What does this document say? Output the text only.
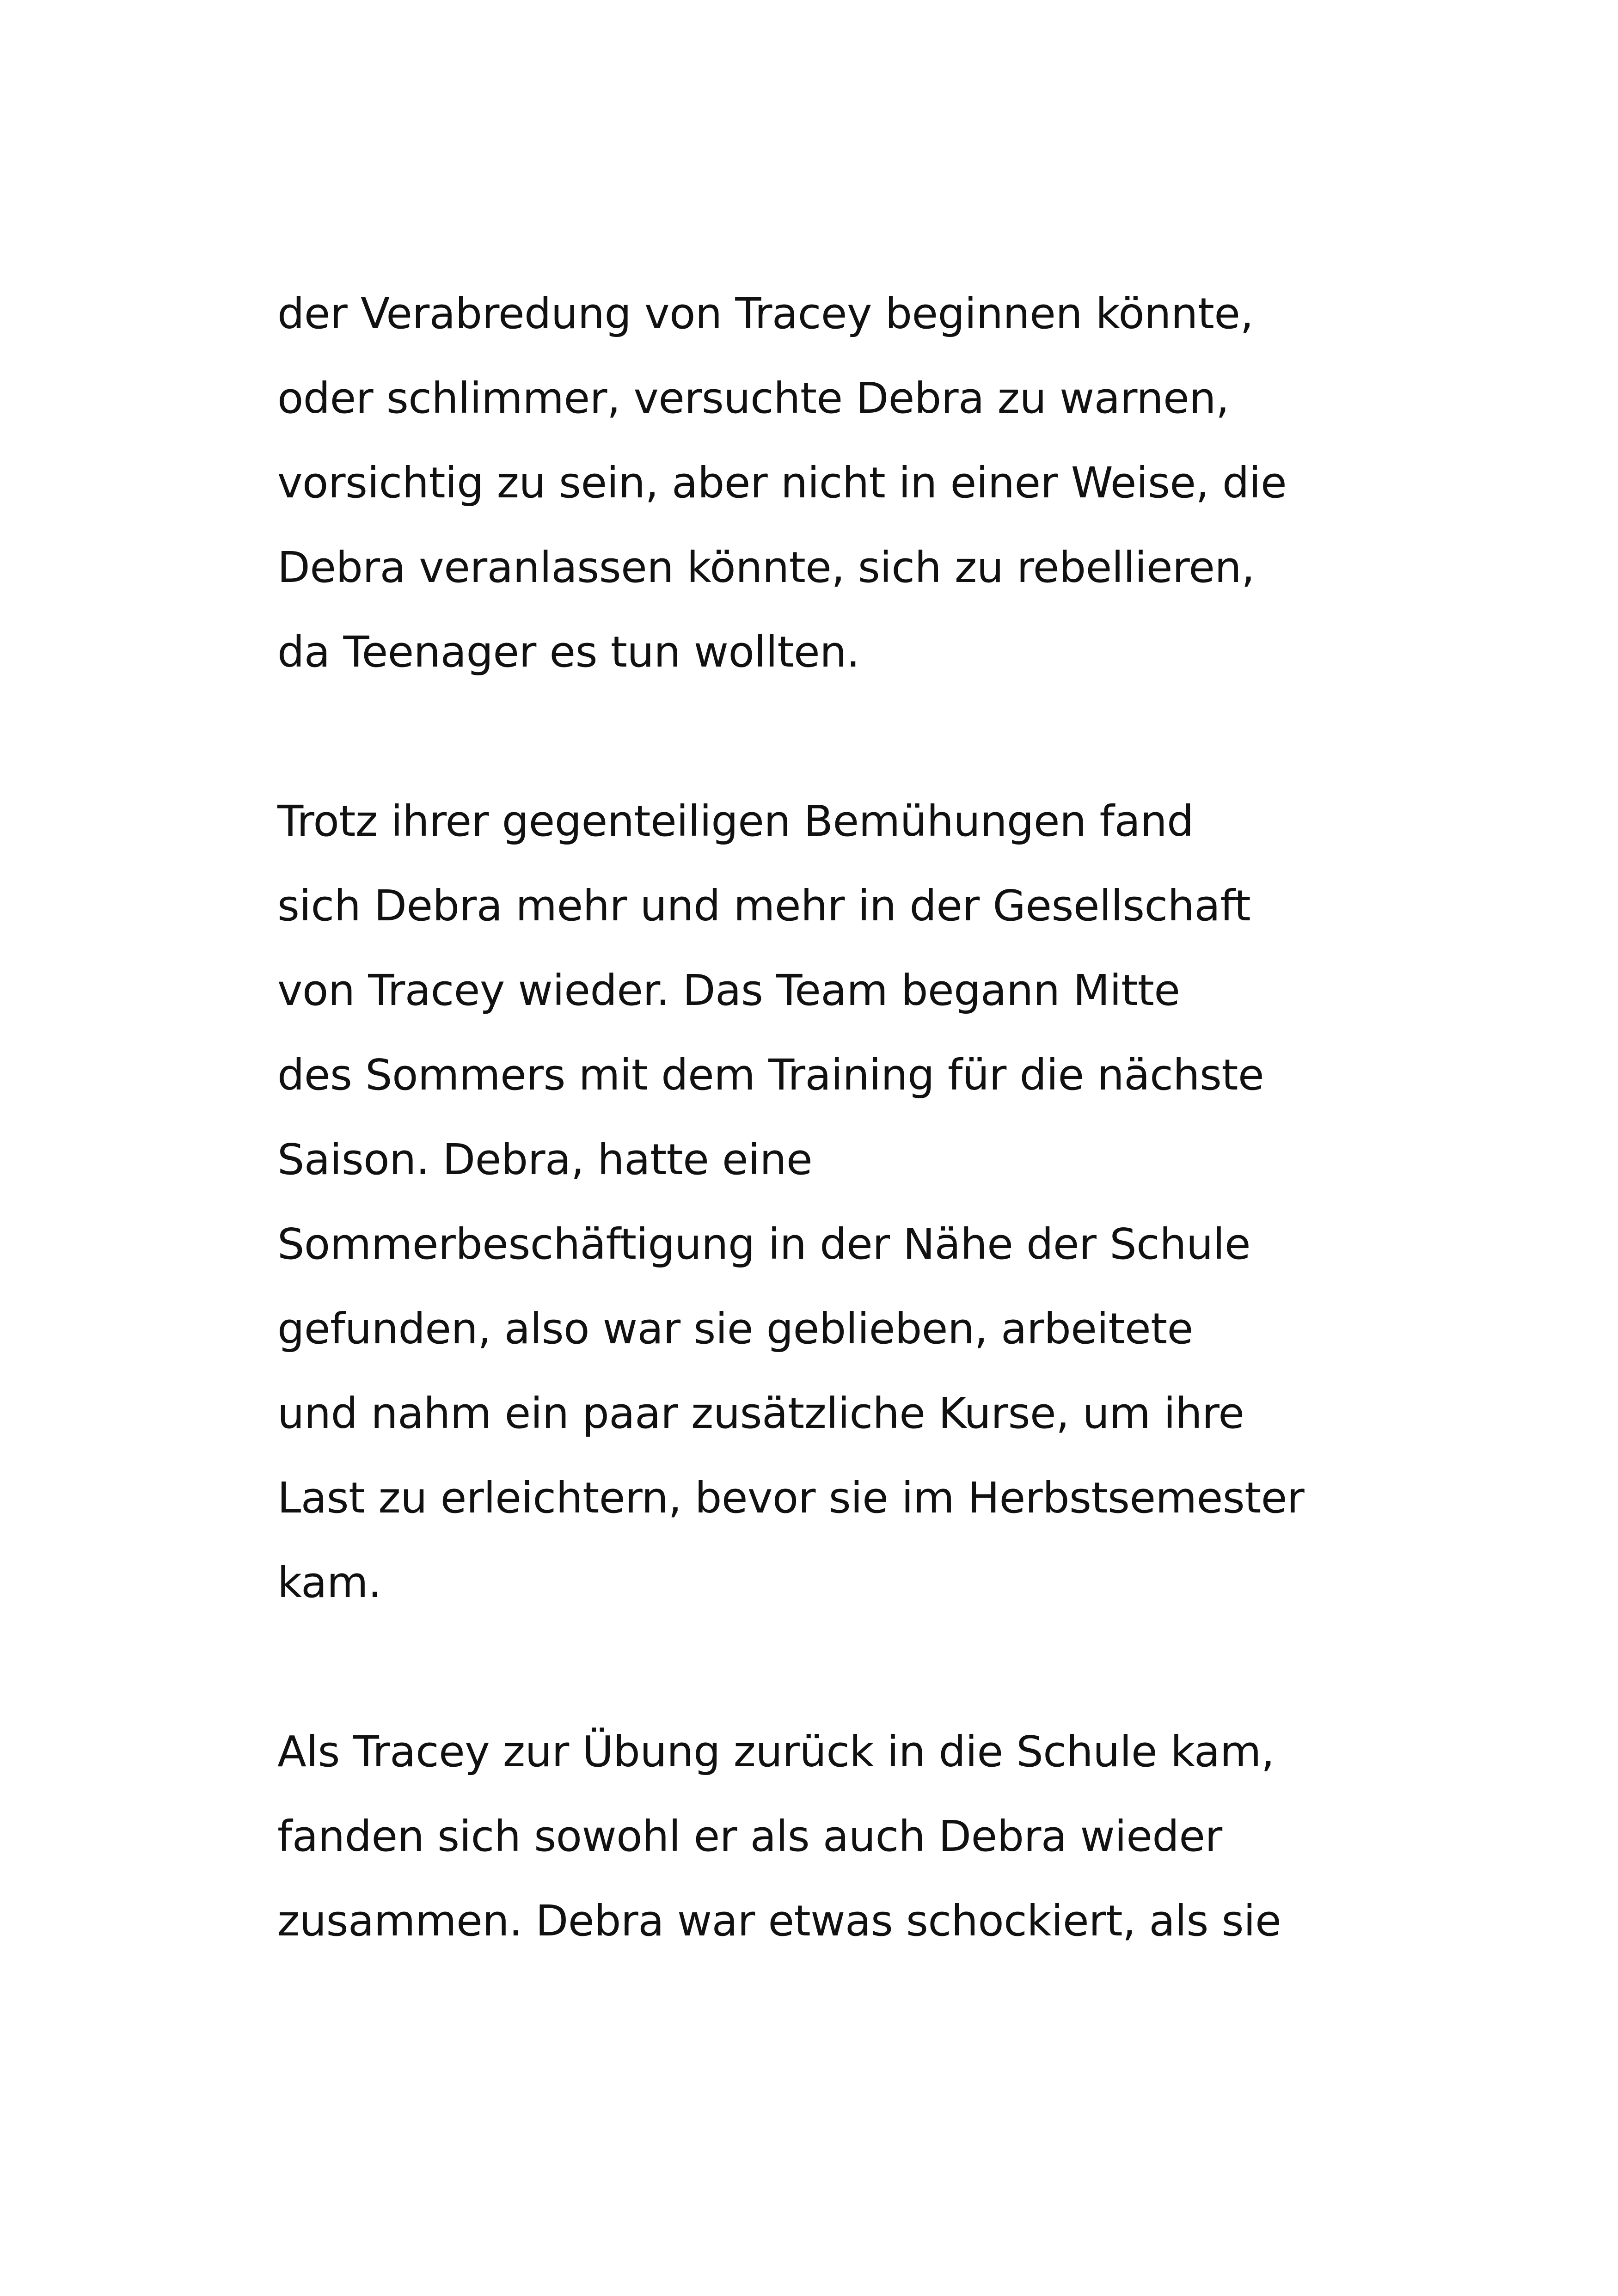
der Verabredung von Tracey beginnen könnte,
oder schlimmer, versuchte Debra zu warnen,
vorsichtig zu sein, aber nicht in einer Weise, die
Debra veranlassen könnte, sich zu rebellieren,
da Teenager es tun wollten.
Trotz ihrer gegenteiligen Bemühungen fand
sich Debra mehr und mehr in der Gesellschaft
von Tracey wieder. Das Team begann Mitte
des Sommers mit dem Training für die nächste
Saison. Debra, hatte eine
Sommerbeschäftigung in der Nähe der Schule
gefunden, also war sie geblieben, arbeitete
und nahm ein paar zusätzliche Kurse, um ihre
Last zu erleichtern, bevor sie im Herbstsemester
kam.
Als Tracey zur Übung zurück in die Schule kam,
fanden sich sowohl er als auch Debra wieder
zusammen. Debra war etwas schockiert, als sie
